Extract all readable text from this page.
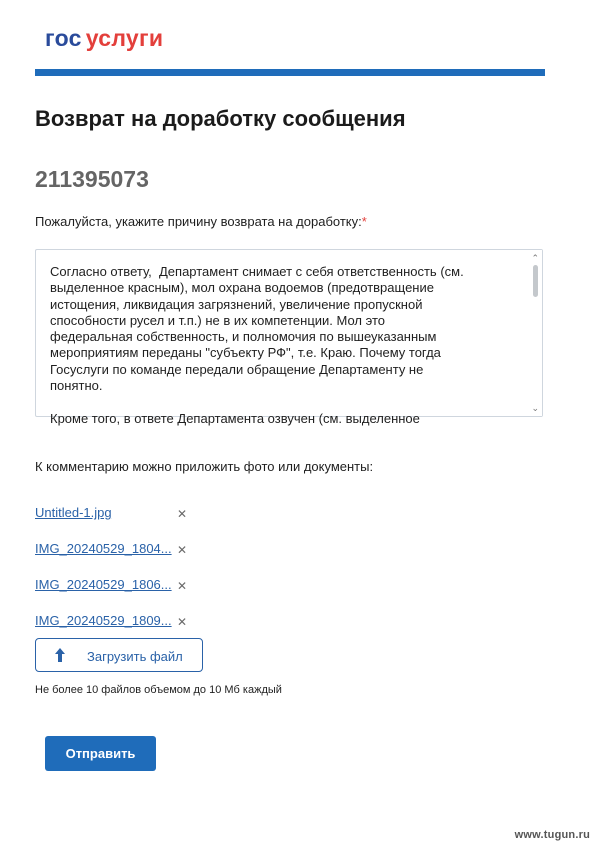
гос услуги
Возврат на доработку сообщения
211395073
Пожалуйста, укажите причину возврата на доработку:*
Согласно ответу,  Департамент снимает с себя ответственность (см.
выделенное красным), мол охрана водоемов (предотвращение
истощения, ликвидация загрязнений, увеличение пропускной
способности русел и т.п.) не в их компетенции. Мол это
федеральная собственность, и полномочия по вышеуказанным
мероприятиям переданы "субъекту РФ", т.е. Краю. Почему тогда
Госуслуги по команде передали обращение Департаменту не
понятно.

Кроме того, в ответе Департамента озвучен (см. выделенное
⌃
⌄
К комментарию можно приложить фото или документы:
Untitled-1.jpg	✕
IMG_20240529_1804... ✕
IMG_20240529_1806... ✕
IMG_20240529_1809... ✕
Загрузить файл
Не более 10 файлов объемом до 10 Мб каждый
Отправить
www.tugun.ru
